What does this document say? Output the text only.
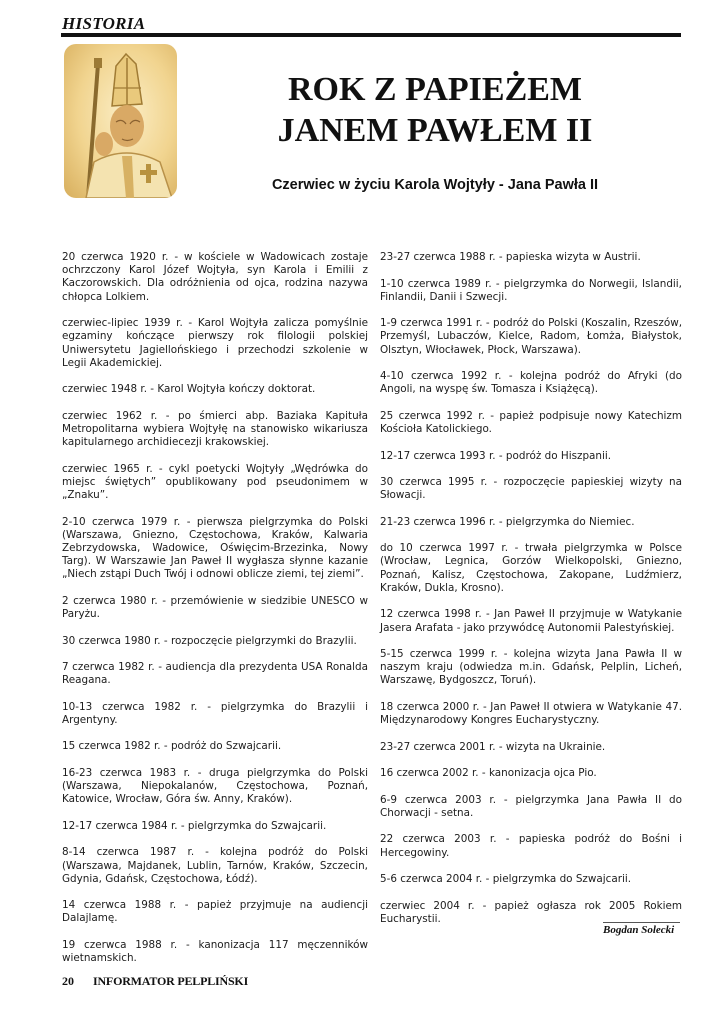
HISTORIA
ROK Z PAPIEŻEM
JANEM PAWŁEM II
Czerwiec w życiu Karola Wojtyły - Jana Pawła II

20 czerwca 1920 r. - w kościele w Wadowicach zostaje ochrzczony Karol Józef Wojtyła, syn Karola i Emilii z Kaczorowskich. Dla odróżnienia od ojca, rodzina nazywa chłopca Lolkiem.

czerwiec-lipiec 1939 r. - Karol Wojtyła zalicza pomyślnie egzaminy kończące pierwszy rok filologii polskiej Uniwersytetu Jagiellońskiego i przechodzi szkolenie w Legii Akademickiej.

czerwiec 1948 r. - Karol Wojtyła kończy doktorat.

czerwiec 1962 r. - po śmierci abp. Baziaka Kapituła Metropolitarna wybiera Wojtyłę na stanowisko wikariusza kapitularnego archidiecezji krakowskiej.

czerwiec 1965 r. - cykl poetycki Wojtyły „Wędrówka do miejsc świętych” opublikowany pod pseudonimem w „Znaku”.

2-10 czerwca 1979 r. - pierwsza pielgrzymka do Polski (Warszawa, Gniezno, Częstochowa, Kraków, Kalwaria Zebrzydowska, Wadowice, Oświęcim-Brzezinka, Nowy Targ). W Warszawie Jan Paweł II wygłasza słynne kazanie „Niech zstąpi Duch Twój i odnowi oblicze ziemi, tej ziemi”.

2 czerwca 1980 r. - przemówienie w siedzibie UNESCO w Paryżu.

30 czerwca 1980 r. - rozpoczęcie pielgrzymki do Brazylii.

7 czerwca 1982 r. - audiencja dla prezydenta USA Ronalda Reagana.

10-13 czerwca 1982 r. - pielgrzymka do Brazylii i Argentyny.

15 czerwca 1982 r. - podróż do Szwajcarii.

16-23 czerwca 1983 r. - druga pielgrzymka do Polski (Warszawa, Niepokalanów, Częstochowa, Poznań, Katowice, Wrocław, Góra św. Anny, Kraków).

12-17 czerwca 1984 r. - pielgrzymka do Szwajcarii.

8-14 czerwca 1987 r. - kolejna podróż do Polski (Warszawa, Majdanek, Lublin, Tarnów, Kraków, Szczecin, Gdynia, Gdańsk, Częstochowa, Łódź).

14 czerwca 1988 r. - papież przyjmuje na audiencji Dalajlamę.

19 czerwca 1988 r. - kanonizacja 117 męczenników wietnamskich.

23-27 czerwca 1988 r. - papieska wizyta w Austrii.

1-10 czerwca 1989 r. - pielgrzymka do Norwegii, Islandii, Finlandii, Danii i Szwecji.

1-9 czerwca 1991 r. - podróż do Polski (Koszalin, Rzeszów, Przemyśl, Lubaczów, Kielce, Radom, Łomża, Białystok, Olsztyn, Włocławek, Płock, Warszawa).

4-10 czerwca 1992 r. - kolejna podróż do Afryki (do Angoli, na wyspę św. Tomasza i Książęcą).

25 czerwca 1992 r. - papież podpisuje nowy Katechizm Kościoła Katolickiego.

12-17 czerwca 1993 r. - podróż do Hiszpanii.

30 czerwca 1995 r. - rozpoczęcie papieskiej wizyty na Słowacji.

21-23 czerwca 1996 r. - pielgrzymka do Niemiec.

do 10 czerwca 1997 r. - trwała pielgrzymka w Polsce (Wrocław, Legnica, Gorzów Wielkopolski, Gniezno, Poznań, Kalisz, Częstochowa, Zakopane, Ludźmierz, Kraków, Dukla, Krosno).

12 czerwca 1998 r. - Jan Paweł II przyjmuje w Watykanie Jasera Arafata - jako przywódcę Autonomii Palestyńskiej.

5-15 czerwca 1999 r. - kolejna wizyta Jana Pawła II w naszym kraju (odwiedza m.in. Gdańsk, Pelplin, Licheń, Warszawę, Bydgoszcz, Toruń).

18 czerwca 2000 r. - Jan Paweł II otwiera w Watykanie 47. Międzynarodowy Kongres Eucharystyczny.

23-27 czerwca 2001 r. - wizyta na Ukrainie.

16 czerwca 2002 r. - kanonizacja ojca Pio.

6-9 czerwca 2003 r. - pielgrzymka Jana Pawła II do Chorwacji - setna.

22 czerwca 2003 r. - papieska podróż do Bośni i Hercegowiny.

5-6 czerwca 2004 r. - pielgrzymka do Szwajcarii.

czerwiec 2004 r. - papież ogłasza rok 2005 Rokiem Eucharystii.

Bogdan Solecki
20 INFORMATOR PELPLIŃSKI
